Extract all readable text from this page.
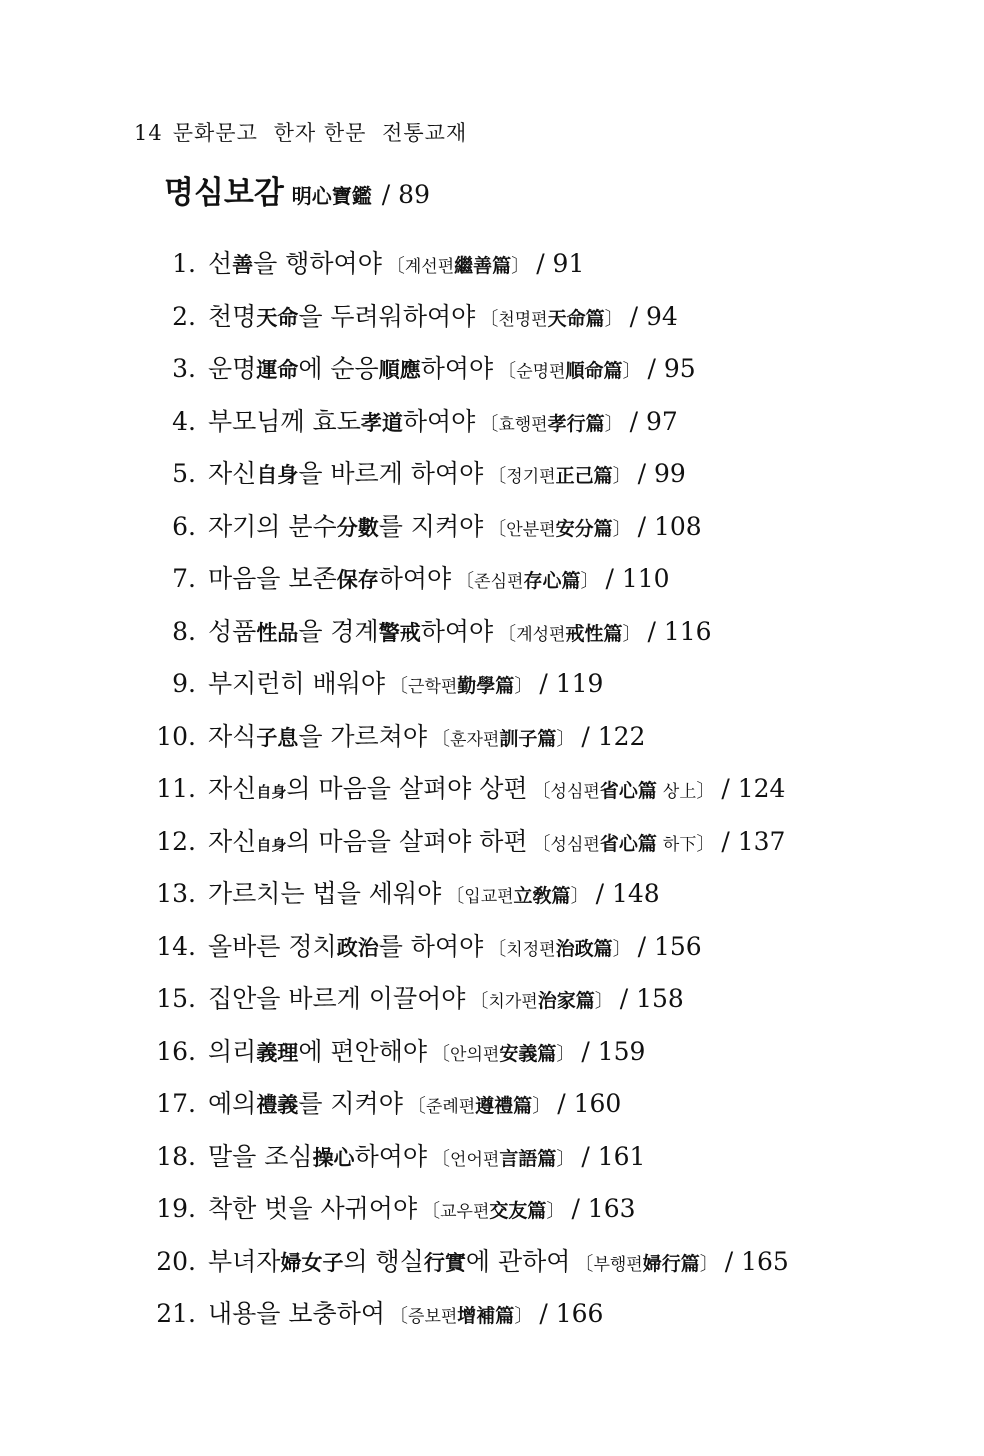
14 문화문고 한자 한문 전통교재
명심보감 明心寶鑑 / 89
1. 선善을 행하여야 〔계선편繼善篇〕 / 91
2. 천명天命을 두려워하여야 〔천명편天命篇〕 / 94
3. 운명運命에 순응順應하여야 〔순명편順命篇〕 / 95
4. 부모님께 효도孝道하여야 〔효행편孝行篇〕 / 97
5. 자신自身을 바르게 하여야 〔정기편正己篇〕 / 99
6. 자기의 분수分數를 지켜야 〔안분편安分篇〕 / 108
7. 마음을 보존保存하여야 〔존심편存心篇〕 / 110
8. 성품性品을 경계警戒하여야 〔계성편戒性篇〕 / 116
9. 부지런히 배워야 〔근학편勤學篇〕 / 119
10. 자식子息을 가르쳐야 〔훈자편訓子篇〕 / 122
11. 자신自身의 마음을 살펴야 상편 〔성심편省心篇 상上〕 / 124
12. 자신自身의 마음을 살펴야 하편 〔성심편省心篇 하下〕 / 137
13. 가르치는 법을 세워야 〔입교편立敎篇〕 / 148
14. 올바른 정치政治를 하여야 〔치정편治政篇〕 / 156
15. 집안을 바르게 이끌어야 〔치가편治家篇〕 / 158
16. 의리義理에 편안해야 〔안의편安義篇〕 / 159
17. 예의禮義를 지켜야 〔준례편遵禮篇〕 / 160
18. 말을 조심操心하여야 〔언어편言語篇〕 / 161
19. 착한 벗을 사귀어야 〔교우편交友篇〕 / 163
20. 부녀자婦女子의 행실行實에 관하여 〔부행편婦行篇〕 / 165
21. 내용을 보충하여 〔증보편增補篇〕 / 166
